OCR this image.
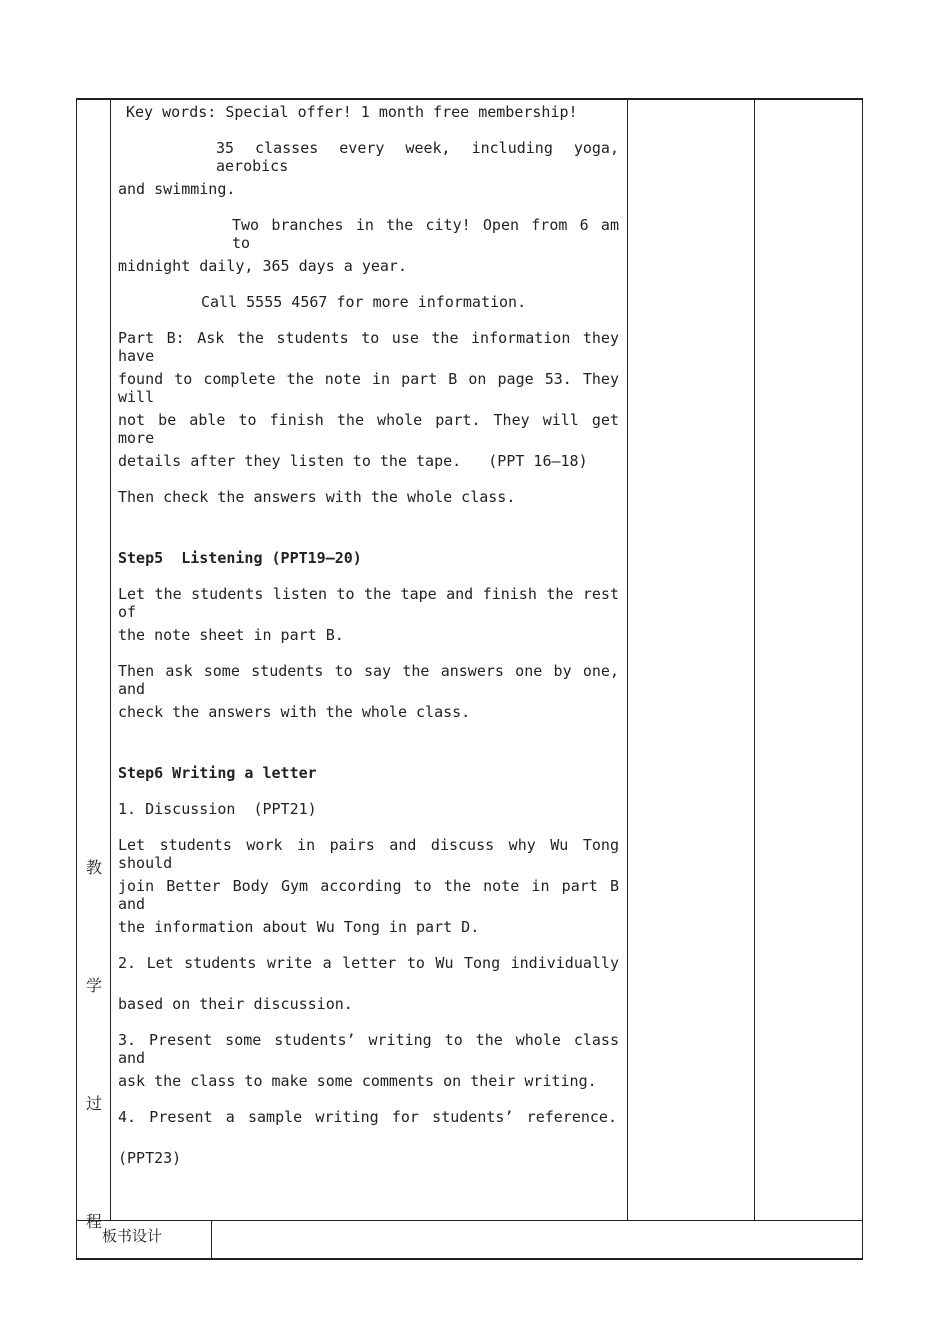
教
学
过
程
板书设计
Key words: Special offer! 1 month free membership!
35 classes every week, including yoga, aerobics
and swimming.
Two branches in the city! Open from 6 am to
midnight daily, 365 days a year.
Call 5555 4567 for more information.
Part B: Ask the students to use the information they have
found to complete the note in part B on page 53. They will
not be able to finish the whole part. They will get more
details after they listen to the tape.   (PPT 16—18)
Then check the answers with the whole class.
Step5  Listening (PPT19—20)
Let the students listen to the tape and finish the rest of
the note sheet in part B.
Then ask some students to say the answers one by one, and
check the answers with the whole class.
Step6 Writing a letter
1. Discussion  (PPT21)
Let students work in pairs and discuss why Wu Tong should
join Better Body Gym according to the note in part B and
the information about Wu Tong in part D.
2. Let students write a letter to Wu Tong individually
based on their discussion.
3. Present some students’ writing to the whole class and
ask the class to make some comments on their writing.
4. Present a sample writing for students’ reference.
(PPT23)
